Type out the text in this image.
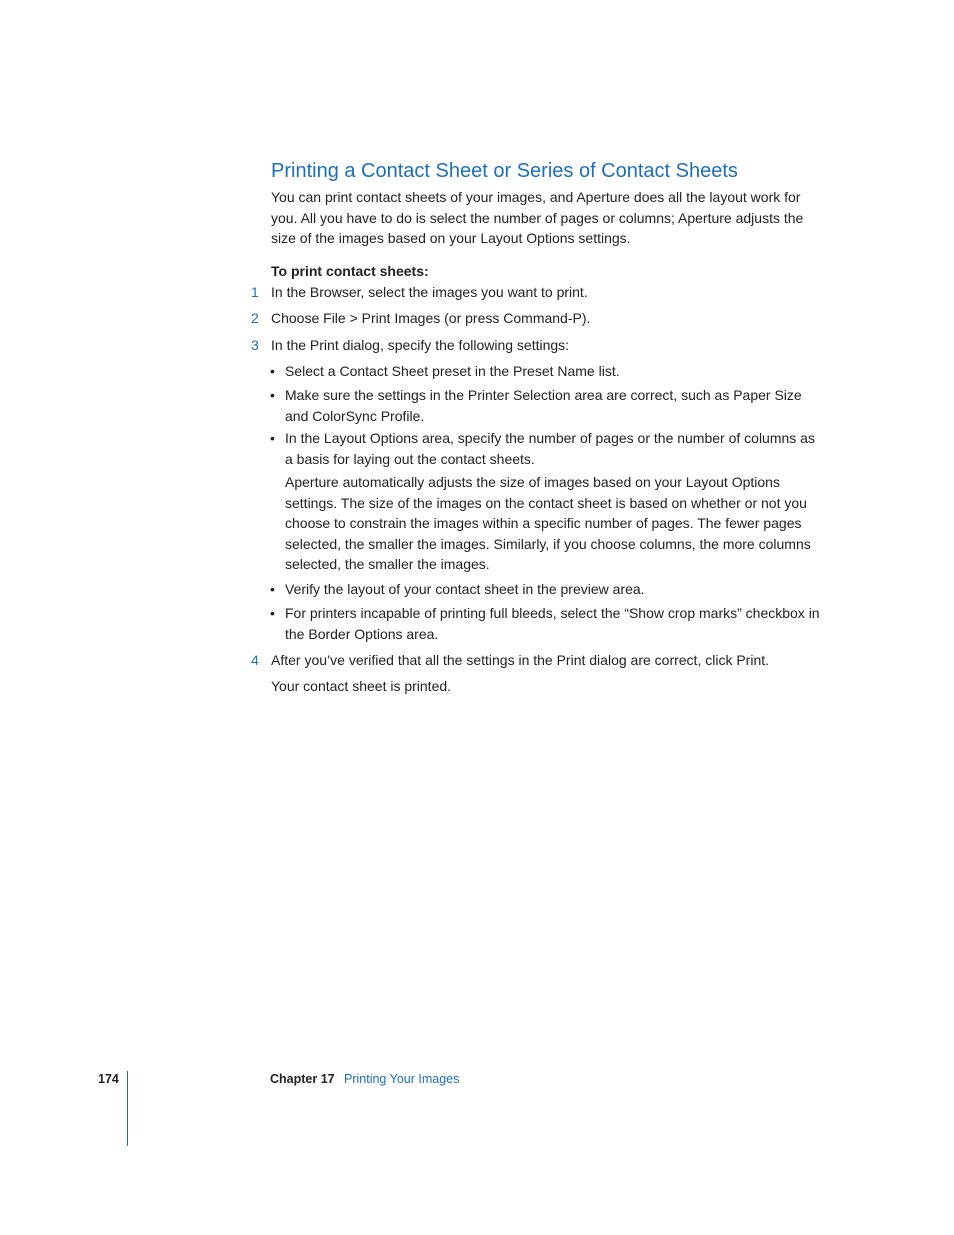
Printing a Contact Sheet or Series of Contact Sheets

You can print contact sheets of your images, and Aperture does all the layout work for you. All you have to do is select the number of pages or columns; Aperture adjusts the size of the images based on your Layout Options settings.

To print contact sheets:

1 In the Browser, select the images you want to print.

2 Choose File > Print Images (or press Command-P).

3 In the Print dialog, specify the following settings:

• Select a Contact Sheet preset in the Preset Name list.

• Make sure the settings in the Printer Selection area are correct, such as Paper Size and ColorSync Profile.

• In the Layout Options area, specify the number of pages or the number of columns as a basis for laying out the contact sheets.

Aperture automatically adjusts the size of images based on your Layout Options settings. The size of the images on the contact sheet is based on whether or not you choose to constrain the images within a specific number of pages. The fewer pages selected, the smaller the images. Similarly, if you choose columns, the more columns selected, the smaller the images.

• Verify the layout of your contact sheet in the preview area.

• For printers incapable of printing full bleeds, select the “Show crop marks” checkbox in the Border Options area.

4 After you’ve verified that all the settings in the Print dialog are correct, click Print.

Your contact sheet is printed.

174	Chapter 17 Printing Your Images
